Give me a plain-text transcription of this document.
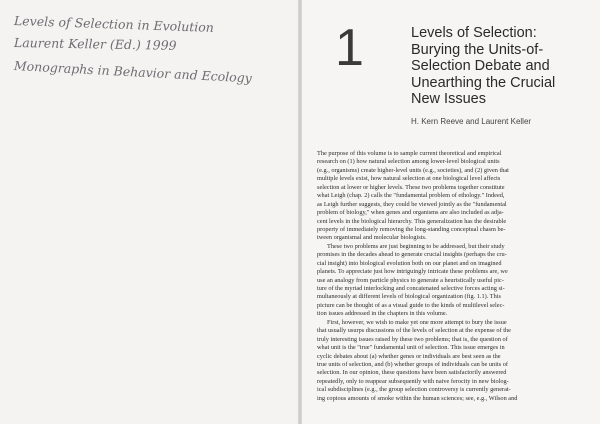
Levels of Selection in Evolution
Laurent Keller (Ed.) 1999
Monographs in Behavior and Ecology	1	Levels of Selection:
Burying the Units-of-
Selection Debate and
Unearthing the Crucial
New Issues
H. Kern Reeve and Laurent Keller
The purpose of this volume is to sample current theoretical and empirical
research on (1) how natural selection among lower-level biological units
(e.g., organisms) create higher-level units (e.g., societies), and (2) given that
multiple levels exist, how natural selection at one biological level affects
selection at lower or higher levels. These two problems together constitute
what Leigh (chap. 2) calls the "fundamental problem of ethology." Indeed,
as Leigh further suggests, they could be viewed jointly as the "fundamental
problem of biology," when genes and organisms are also included as adja-
cent levels in the biological hierarchy. This generalization has the desirable
property of immediately removing the long-standing conceptual chasm be-
tween organismal and molecular biologists.
These two problems are just beginning to be addressed, but their study
promises in the decades ahead to generate crucial insights (perhaps the cru-
cial insight) into biological evolution both on our planet and on imagined
planets. To appreciate just how intriguingly intricate these problems are, we
use an analogy from particle physics to generate a heuristically useful pic-
ture of the myriad interlocking and concatenated selective forces acting si-
multaneously at different levels of biological organization (fig. 1.1). This
picture can be thought of as a visual guide to the kinds of multilevel selec-
tion issues addressed in the chapters in this volume.
First, however, we wish to make yet one more attempt to bury the issue
that usually usurps discussions of the levels of selection at the expense of the
truly interesting issues raised by these two problems; that is, the question of
what unit is the "true" fundamental unit of selection. This issue emerges in
cyclic debates about (a) whether genes or individuals are best seen as the
true units of selection, and (b) whether groups of individuals can be units of
selection. In our opinion, these questions have been satisfactorily answered
repeatedly, only to reappear subsequently with naive ferocity in new biolog-
ical subdisciplines (e.g., the group selection controversy is currently generat-
ing copious amounts of smoke within the human sciences; see, e.g., Wilson and
